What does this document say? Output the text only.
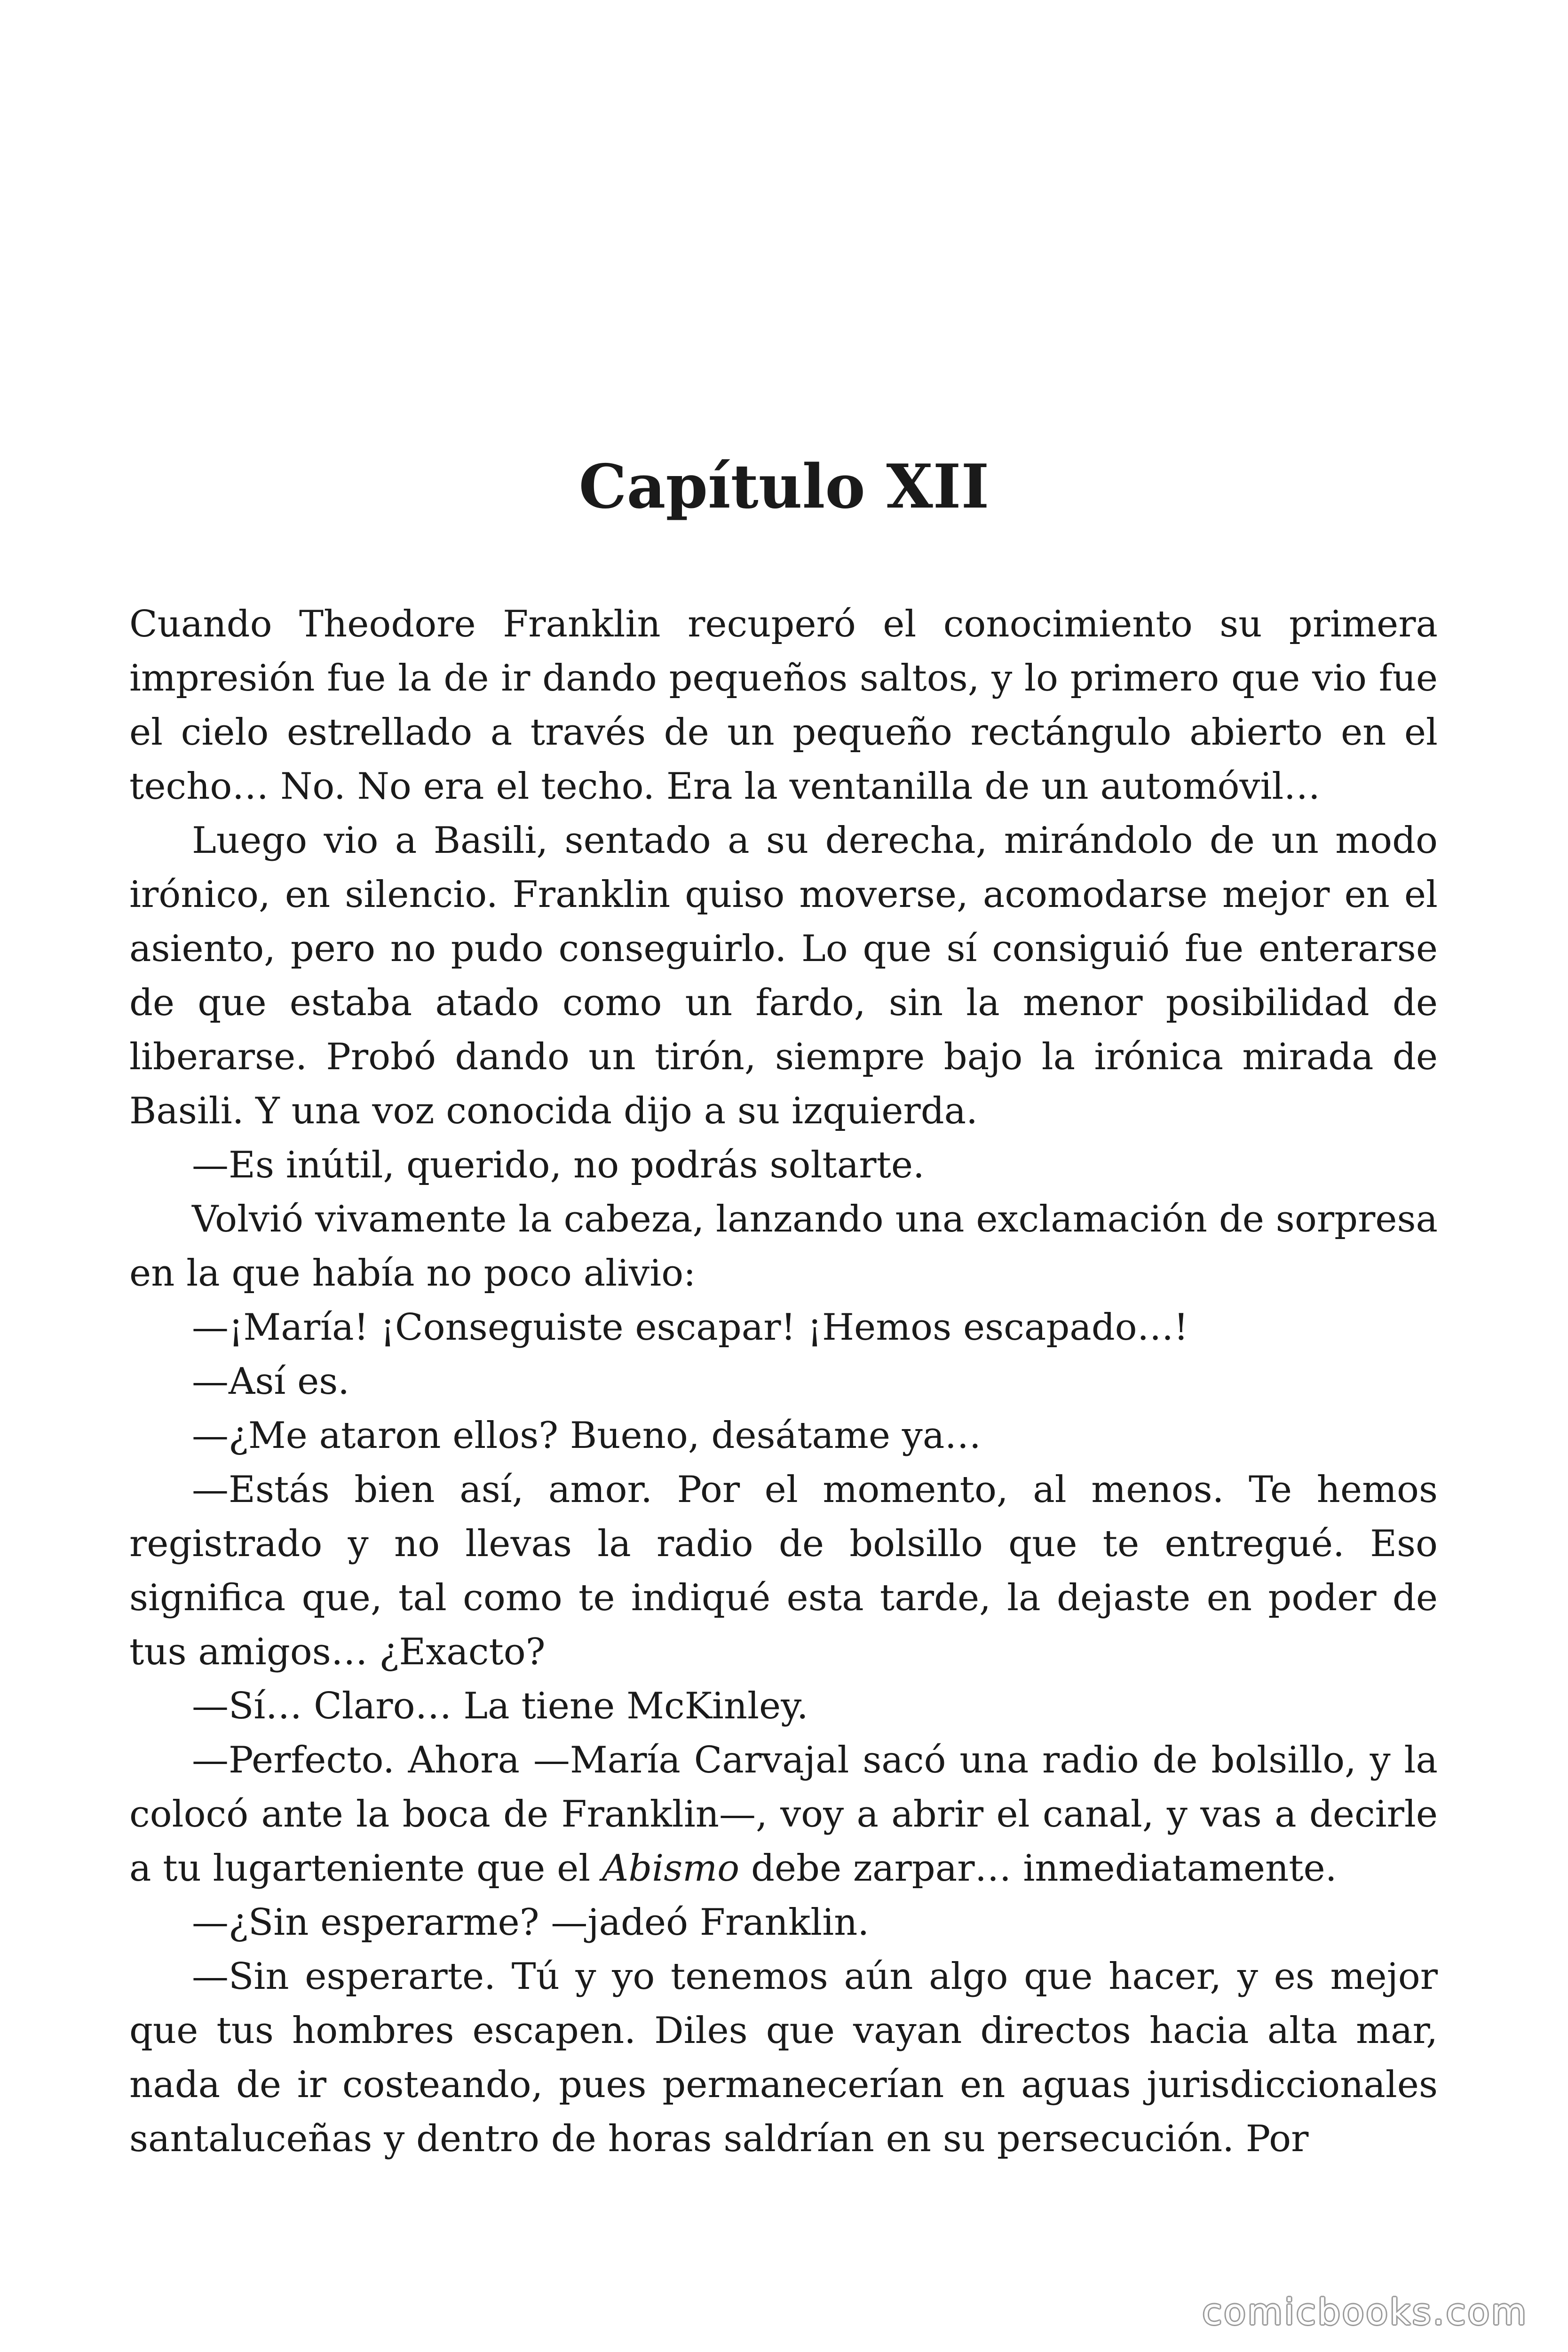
Capítulo XII

Cuando Theodore Franklin recuperó el conocimiento su primera impresión fue la de ir dando pequeños saltos, y lo primero que vio fue el cielo estrellado a través de un pequeño rectángulo abierto en el techo… No. No era el techo. Era la ventanilla de un automóvil…

Luego vio a Basili, sentado a su derecha, mirándolo de un modo irónico, en silencio. Franklin quiso moverse, acomodarse mejor en el asiento, pero no pudo conseguirlo. Lo que sí consiguió fue enterarse de que estaba atado como un fardo, sin la menor posibilidad de liberarse. Probó dando un tirón, siempre bajo la irónica mirada de Basili. Y una voz conocida dijo a su izquierda.

—Es inútil, querido, no podrás soltarte.

Volvió vivamente la cabeza, lanzando una exclamación de sorpresa en la que había no poco alivio:

—¡María! ¡Conseguiste escapar! ¡Hemos escapado…!

—Así es.

—¿Me ataron ellos? Bueno, desátame ya…

—Estás bien así, amor. Por el momento, al menos. Te hemos registrado y no llevas la radio de bolsillo que te entregué. Eso significa que, tal como te indiqué esta tarde, la dejaste en poder de tus amigos… ¿Exacto?

—Sí… Claro… La tiene McKinley.

—Perfecto. Ahora —María Carvajal sacó una radio de bolsillo, y la colocó ante la boca de Franklin—, voy a abrir el canal, y vas a decirle a tu lugarteniente que el Abismo debe zarpar… inmediatamente.

—¿Sin esperarme? —jadeó Franklin.

—Sin esperarte. Tú y yo tenemos aún algo que hacer, y es mejor que tus hombres escapen. Diles que vayan directos hacia alta mar, nada de ir costeando, pues permanecerían en aguas jurisdiccionales santaluceñas y dentro de horas saldrían en su persecución. Por

comicbooks.com
